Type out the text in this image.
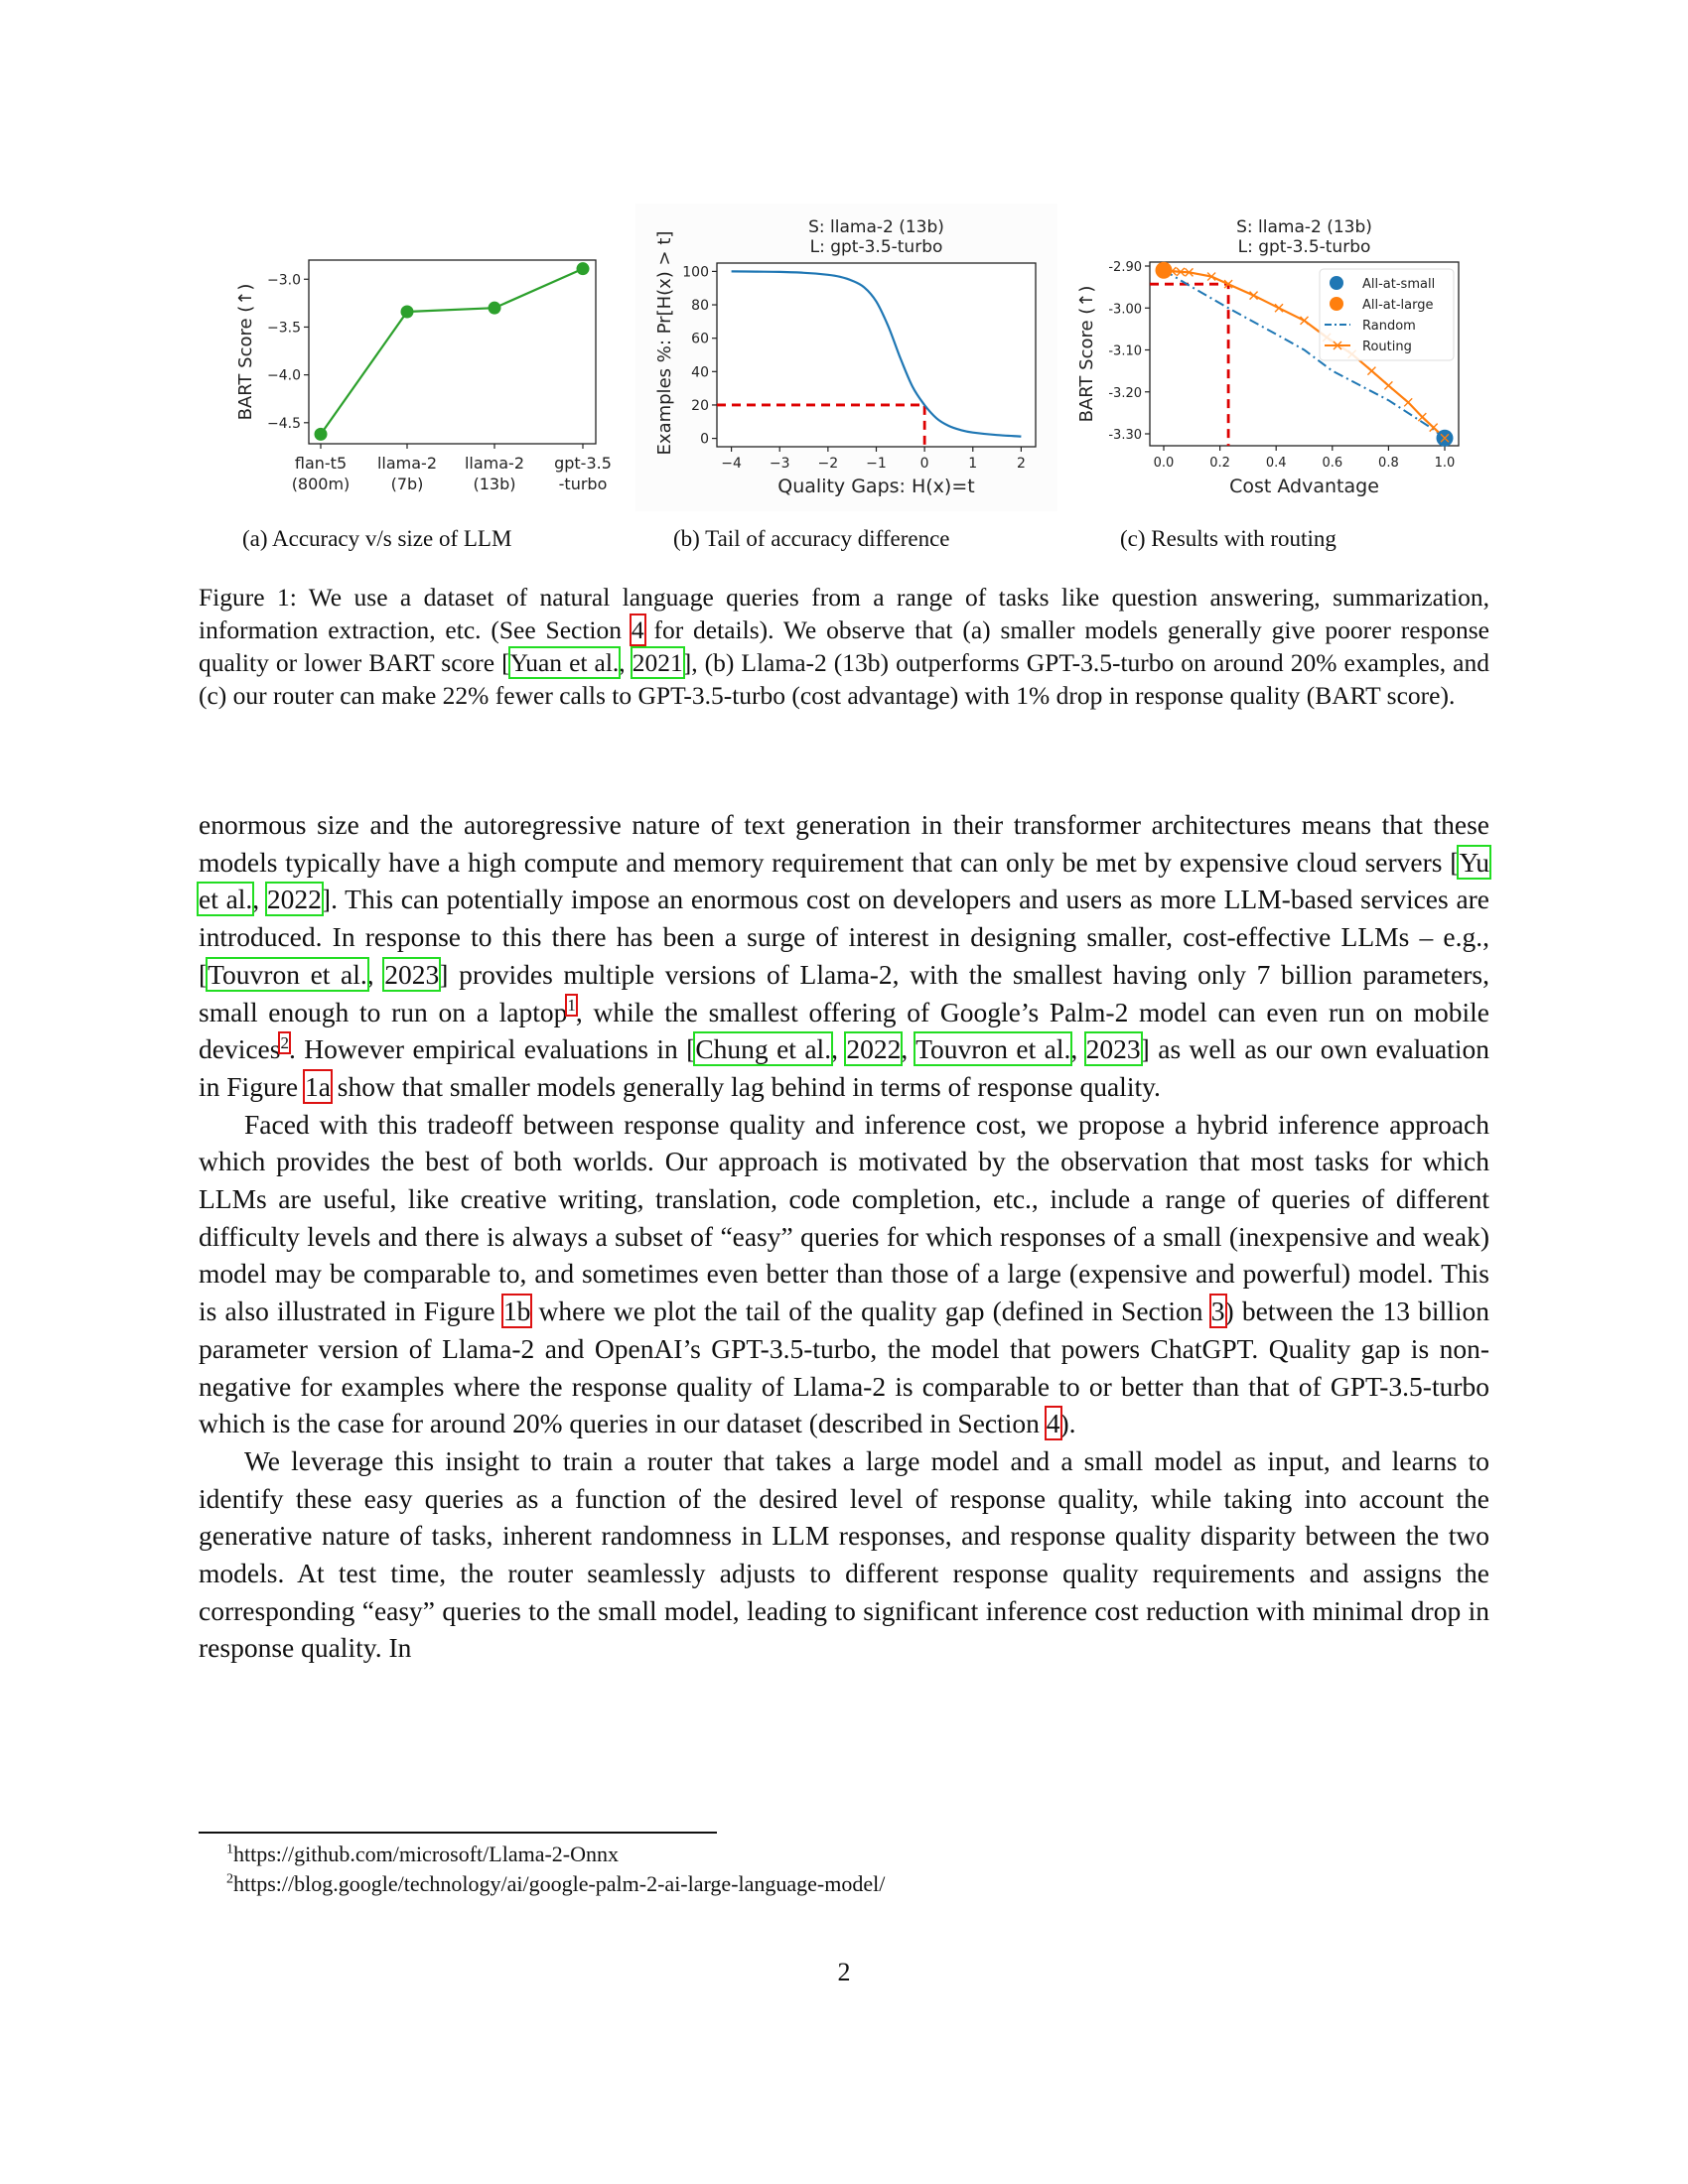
−3.0
−3.5
−4.0
−4.5
flan-t5
(800m)
llama-2
(7b)
llama-2
(13b)
gpt-3.5
-turbo
BART Score (↑)
0
20
40
60
80
100
−4 −3 −2 −1 0	1	2
S: llama-2 (13b)
L: gpt-3.5-turbo
Quality Gaps: H(x)=t
Examples %: Pr[H(x) > t]	-2.90
-3.00
-3.10
-3.20
-3.30
0.0	0.2	0.4	0.6	0.8	1.0
S: llama-2 (13b)
L: gpt-3.5-turbo
Cost Advantage
BART Score (↑)
All-at-small
All-at-large
Random
Routing
(a) Accuracy v/s size of LLM	(b) Tail of accuracy difference	(c) Results with routing
Figure 1: We use a dataset of natural language queries from a range of tasks like question answering, summarization, information extraction, etc. (See Section 4 for details). We observe that (a) smaller models generally give poorer response quality or lower BART score [Yuan et al., 2021], (b) Llama-2 (13b) outperforms GPT-3.5-turbo on around 20% examples, and (c) our router can make 22% fewer calls to GPT-3.5-turbo (cost advantage) with 1% drop in response quality (BART score).

enormous size and the autoregressive nature of text generation in their transformer architectures means that these models typically have a high compute and memory requirement that can only be met by expensive cloud servers [Yu et al., 2022]. This can potentially impose an enormous cost on developers and users as more LLM-based services are introduced. In response to this there has been a surge of interest in designing smaller, cost-effective LLMs – e.g., [Touvron et al., 2023] provides multiple versions of Llama-2, with the smallest having only 7 billion parameters, small enough to run on a laptop$^1$, while the smallest offering of Google’s Palm-2 model can even run on mobile devices$^2$. However empirical evaluations in [Chung et al., 2022, Touvron et al., 2023] as well as our own evaluation in Figure 1a show that smaller models generally lag behind in terms of response quality.

Faced with this tradeoff between response quality and inference cost, we propose a hybrid inference approach which provides the best of both worlds. Our approach is motivated by the observation that most tasks for which LLMs are useful, like creative writing, translation, code completion, etc., include a range of queries of different difficulty levels and there is always a subset of “easy” queries for which responses of a small (inexpensive and weak) model may be comparable to, and sometimes even better than those of a large (expensive and powerful) model. This is also illustrated in Figure 1b where we plot the tail of the quality gap (defined in Section 3) between the 13 billion parameter version of Llama-2 and OpenAI’s GPT-3.5-turbo, the model that powers ChatGPT. Quality gap is non-negative for examples where the response quality of Llama-2 is comparable to or better than that of GPT-3.5-turbo which is the case for around 20% queries in our dataset (described in Section 4).

We leverage this insight to train a router that takes a large model and a small model as input, and learns to identify these easy queries as a function of the desired level of response quality, while taking into account the generative nature of tasks, inherent randomness in LLM responses, and response quality disparity between the two models. At test time, the router seamlessly adjusts to different response quality requirements and assigns the corresponding “easy” queries to the small model, leading to significant inference cost reduction with minimal drop in response quality. In

$^1$https://github.com/microsoft/Llama-2-Onnx
$^2$https://blog.google/technology/ai/google-palm-2-ai-large-language-model/
2
